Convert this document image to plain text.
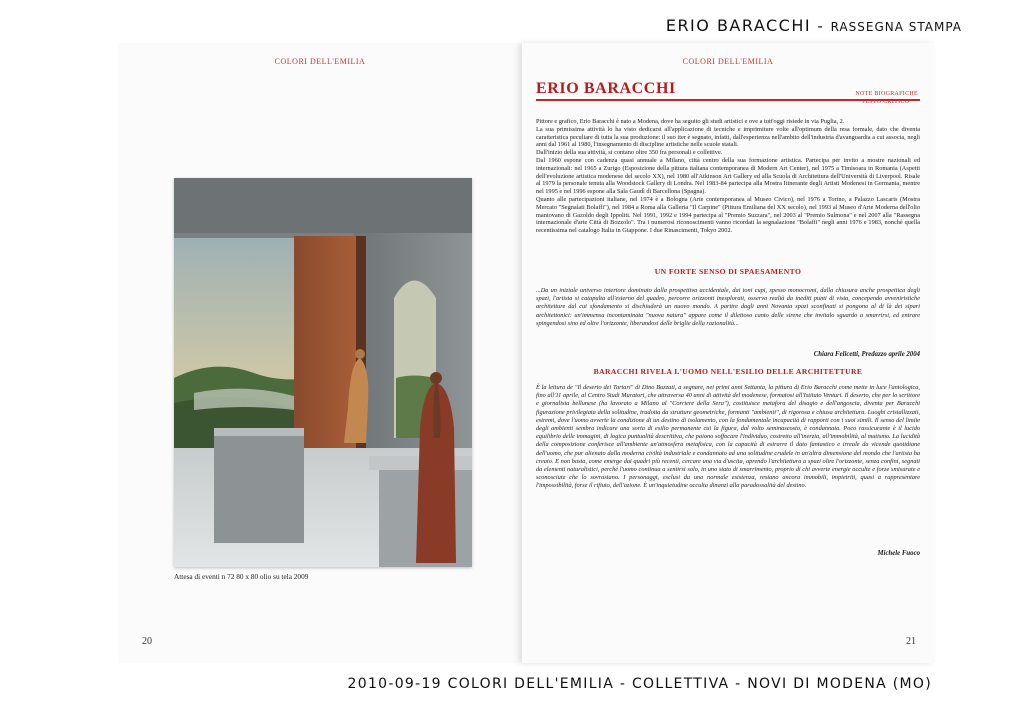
ERIO BARACCHI - RASSEGNA STAMPA
COLORI DELL'EMILIA
Attesa di eventi n 72 80 x 80 olio su tela 2009
20
COLORI DELL'EMILIA
ERIO BARACCHI	NOTE BIOGRAFICHE
TESTO CRITICO

Pittore e grafico, Erio Baracchi è nato a Modena, dove ha seguito gli studi artistici e ove a tutt'oggi risiede in via Puglia, 2.

La sua primissima attività lo ha visto dedicarsi all'applicazione di tecniche e imprimiture volte all'optimum della resa formale, dato che diventa caratteristica peculiare di tutta la sua produzione: il suo iter è segnato, infatti, dall'esperienza nell'ambito dell'industria d'avanguardia a cui associa, negli anni dal 1961 al 1980, l'insegnamento di discipline artistiche nelle scuole statali.

Dall'inizio della sua attività, si contano oltre 350 fra personali e collettive.

Dal 1960 espone con cadenza quasi annuale a Milano, città centro della sua formazione artistica. Partecipa per invito a mostre nazionali ed internazionali: nel 1965 a Zurigo (Esposizione della pittura italiana contemporanea di Modern Art Center), nel 1975 a Timisoara in Romania (Aspetti dell'evoluzione artistica modenese del secolo XX), nel 1980 all'Atkinson Art Gallery ed alla Scuola di Architettura dell'Università di Liverpool. Risale al 1979 la personale tenuta alla Woodstock Gallery di Londra. Nel 1983-84 partecipa alla Mostra Itinerante degli Artisti Modenesi in Germania, mentre nel 1995 e nel 1996 espone alla Sala Gaudì di Barcellona (Spagna).

Quanto alle partecipazioni italiane, nel 1974 è a Bologna (Arte contemporanea al Museo Civico), nel 1976 a Torino, a Palazzo Lascaris (Mostra Mercato "Segnalati Bolaffi"), nel 1984 a Roma alla Galleria "Il Carpine" (Pittura Emiliana del XX secolo), nel 1993 al Museo d'Arte Moderna dell'olio mantovano di Gazoldo degli Ippoliti. Nel 1991, 1992 e 1994 partecipa al "Premio Suzzara", nel 2003 al "Premio Sulmona" e nel 2007 alla "Rassegna internazionale d'arte Città di Bozzolo". Tra i numerosi riconoscimenti vanno ricordati la segnalazione "Bolaffi" negli anni 1976 e 1983, nonché quella recentissima nel catalogo Italia in Giappone. I due Rinascimenti, Tokyo 2002.

UN FORTE SENSO DI SPAESAMENTO
...Da un iniziale universo interiore dominato dalla prospettiva accidentale, dai toni cupi, spesso monocromi, dalla chiusura anche prospettica degli spazi, l'artista si catapulta all'esterno del quadro, percorre orizzonti inesplorati, osserva realtà da inediti punti di vista, concependo avveniristiche architetture dal cui sfondamento si dischiuderà un nuovo mondo. A partire dagli anni Novanta spazi sconfinati si pongono al di là dei sipari architettonici: un'immensa incontaminata "nuova natura" appare come il dilettoso canto delle sirene che invitalo sguardo a smarrirsi, ed entrare spingendosi sino ed oltre l'orizzonte, liberandosi delle briglie della razionalità...
Chiara Felicetti, Predazzo aprile 2004
BARACCHI RIVELA L'UOMO NELL'ESILIO DELLE ARCHITETTURE
È la lettura de "Il deserto dei Tartari" di Dino Buzzati, a segnare, nei primi anni Settanta, la pittura di Erio Baracchi come mette in luce l'antologica, fino all'11 aprile, al Centro Studi Muratori, che attraversa 40 anni di attività del modenese, formatosi all'Istituto Venturi. Il deserto, che per lo scrittore e giornalista bellunese (ha lavorato a Milano al "Corriere della Sera"), costituisce metafora del disagio e dell'angoscia, diventa per Baracchi figurazione privilegiata della solitudine, tradotta da strutture geometriche, formanti "ambienti", di rigorosa e chiusa architettura. Luoghi cristallizzati, estremi, dove l'uomo avverte la condizione di un destino di isolamento, con la fondamentale incapacità di rapporti con i suoi simili. Il senso del limite degli ambienti sembra indicare una sorta di esilio permanente cui la figura, dal volto seminascosto, è condannata. Poco rassicurante è il lucido equilibrio delle immagini, di logica puntualità descrittiva, che paiono soffocare l'individuo, costretto all'inerzia, all'immobilità, al mutismo. La lucidità della composizione conferisce all'ambiente un'atmosfera metafisica, con la capacità di estrarre il dato fantastico e irreale da vicende quotidiane dell'uomo, che pur alienato dalla moderna civiltà industriale e condannato ad una solitudine crudele in un'altra dimensione del mondo che l'artista ha creato. E non basta, come emerge dai quadri più recenti, cercare una via d'uscita, aprendo l'architettura a spazi oltre l'orizzonte, senza confini, segnati da elementi naturalistici, perché l'uomo continua a sentirsi solo, in uno stato di smarrimento, proprio di chi avverte energie occulte e forze smisurate e sconosciute che lo sovrastano. I personaggi, esclusi da una normale esistenza, restano ancora immobili, impietriti, quasi a rappresentare l'impossibilità, forse il rifiuto, dell'azione. È un'inquietudine occulta dinanzi alla paradossalità del destino.
Michele Fuoco
21
2010-09-19 COLORI DELL'EMILIA - COLLETTIVA - NOVI DI MODENA (MO)
